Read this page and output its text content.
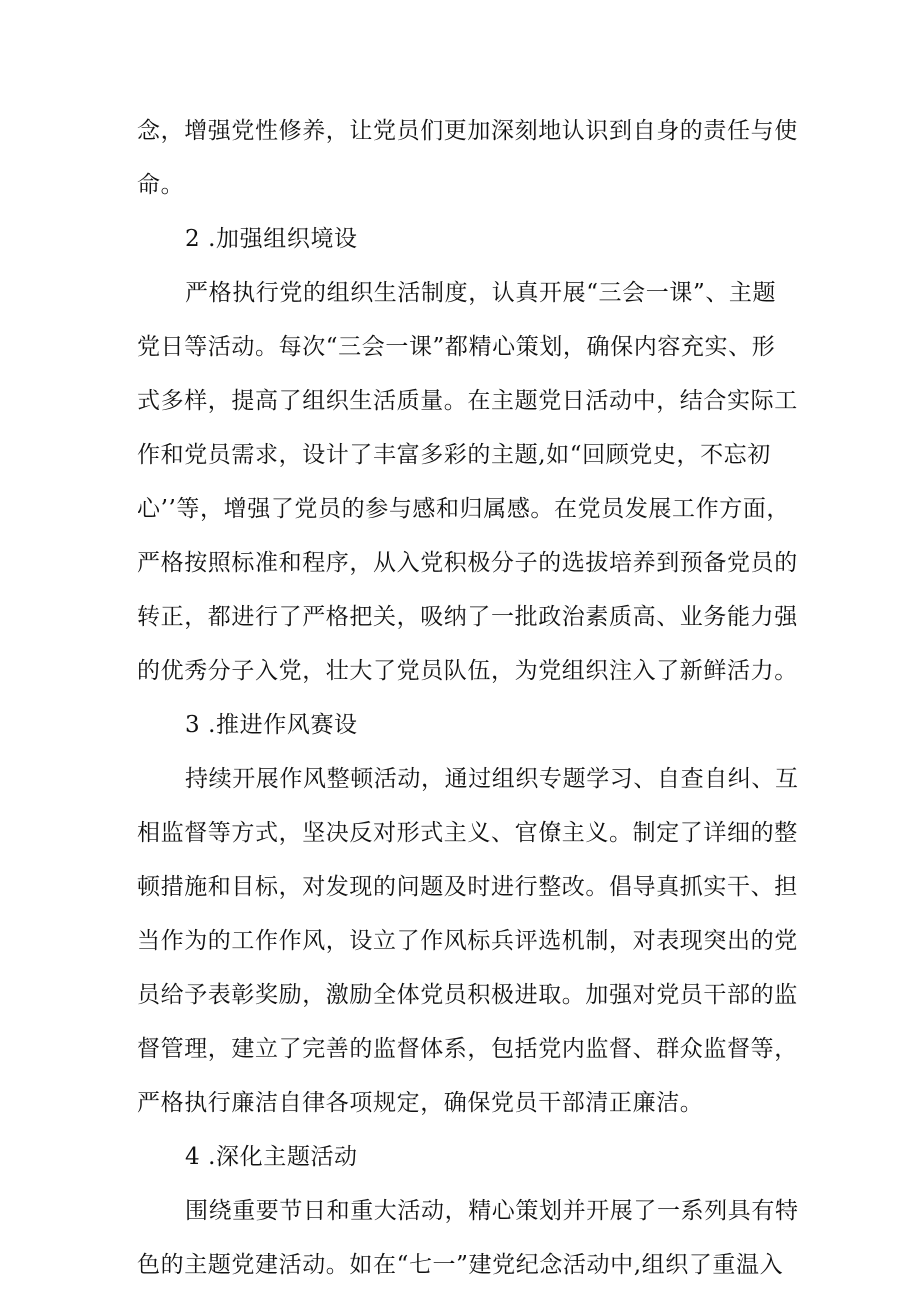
念，增强党性修养，让党员们更加深刻地认识到自身的责任与使
命。
2 .加强组织境设
严格执行党的组织生活制度，认真开展“三会一课”、主题
党日等活动。每次“三会一课”都精心策划，确保内容充实、形
式多样，提高了组织生活质量。在主题党日活动中，结合实际工
作和党员需求，设计了丰富多彩的主题,如“回顾党史，不忘初
心’’等，增强了党员的参与感和归属感。在党员发展工作方面，
严格按照标准和程序，从入党积极分子的选拔培养到预备党员的
转正，都进行了严格把关，吸纳了一批政治素质高、业务能力强
的优秀分子入党，壮大了党员队伍，为党组织注入了新鲜活力。
3 .推进作风赛设
持续开展作风整顿活动，通过组织专题学习、自查自纠、互
相监督等方式，坚决反对形式主义、官僚主义。制定了详细的整
顿措施和目标，对发现的问题及时进行整改。倡导真抓实干、担
当作为的工作作风，设立了作风标兵评选机制，对表现突出的党
员给予表彰奖励，激励全体党员积极进取。加强对党员干部的监
督管理，建立了完善的监督体系，包括党内监督、群众监督等，
严格执行廉洁自律各项规定，确保党员干部清正廉洁。
4 .深化主题活动
围绕重要节日和重大活动，精心策划并开展了一系列具有特
色的主题党建活动。如在“七一”建党纪念活动中,组织了重温入
